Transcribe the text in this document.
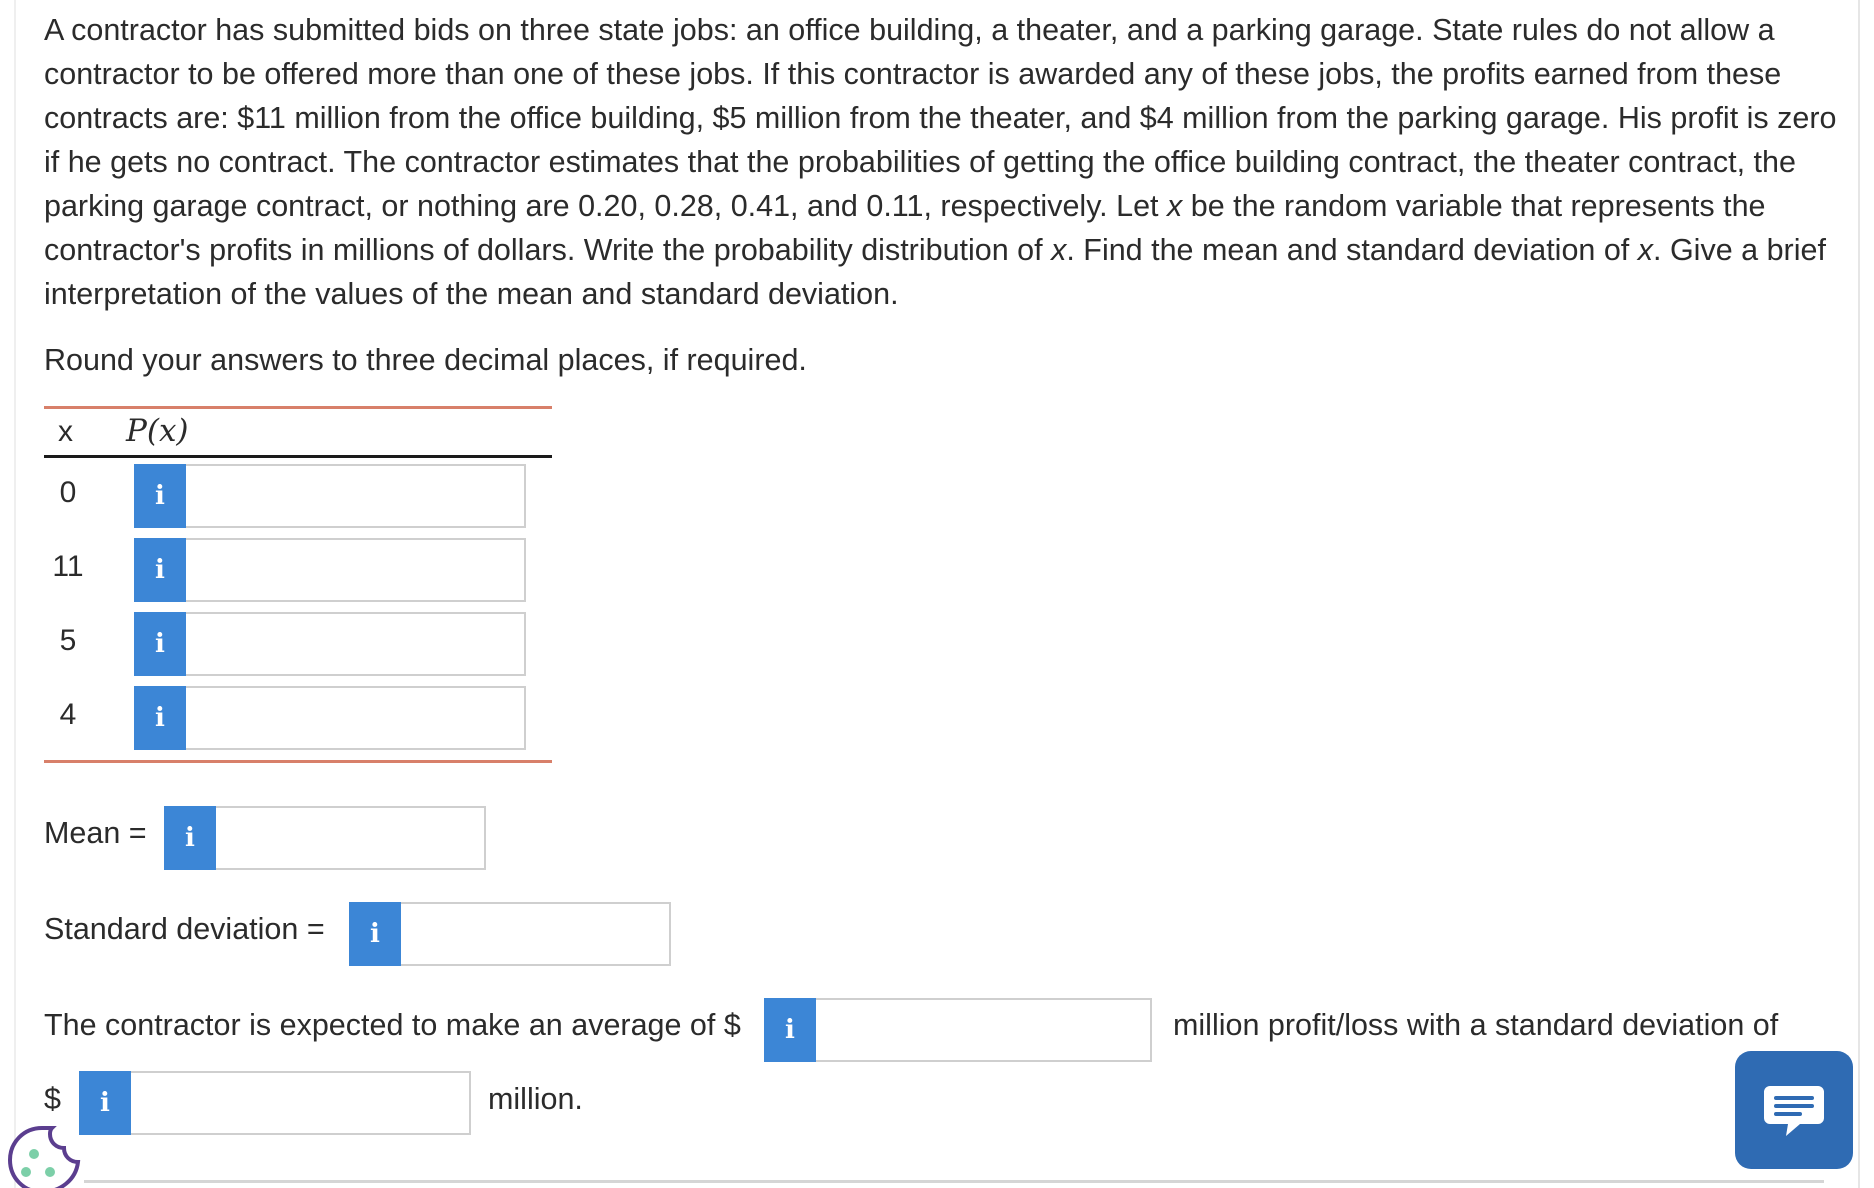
A contractor has submitted bids on three state jobs: an office building, a theater, and a parking garage. State rules do not allow a contractor to be offered more than one of these jobs. If this contractor is awarded any of these jobs, the profits earned from these contracts are: $11 million from the office building, $5 million from the theater, and $4 million from the parking garage. His profit is zero if he gets no contract. The contractor estimates that the probabilities of getting the office building contract, the theater contract, the parking garage contract, or nothing are 0.20, 0.28, 0.41, and 0.11, respectively. Let x be the random variable that represents the contractor's profits in millions of dollars. Write the probability distribution of x. Find the mean and standard deviation of x. Give a brief interpretation of the values of the mean and standard deviation.

Round your answers to three decimal places, if required.

x P(x)
0	i
11	i
5	i
4	i
Mean =	i
Standard deviation =	i
The contractor is expected to make an average of $	i	million profit/loss with a standard deviation of
$	i	million.
